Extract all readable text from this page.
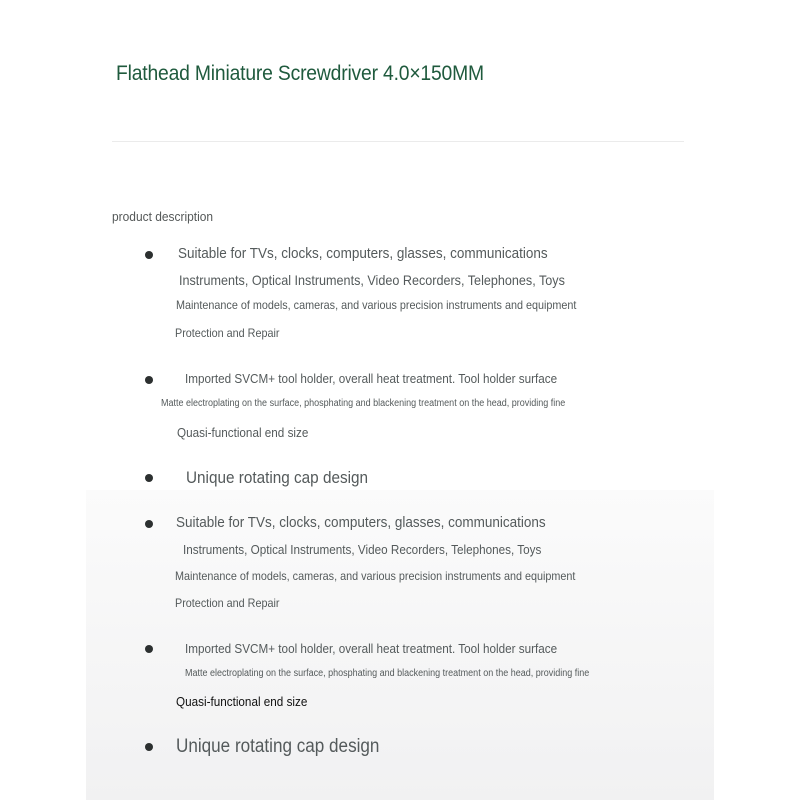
Flathead Miniature Screwdriver 4.0×150MM
product description
Suitable for TVs, clocks, computers, glasses, communications
Instruments, Optical Instruments, Video Recorders, Telephones, Toys
Maintenance of models, cameras, and various precision instruments and equipment
Protection and Repair
Imported SVCM+ tool holder, overall heat treatment. Tool holder surface
Matte electroplating on the surface, phosphating and blackening treatment on the head, providing fine
Quasi-functional end size
Unique rotating cap design
Suitable for TVs, clocks, computers, glasses, communications
Instruments, Optical Instruments, Video Recorders, Telephones, Toys
Maintenance of models, cameras, and various precision instruments and equipment
Protection and Repair
Imported SVCM+ tool holder, overall heat treatment. Tool holder surface
Matte electroplating on the surface, phosphating and blackening treatment on the head, providing fine
Quasi-functional end size
Unique rotating cap design
